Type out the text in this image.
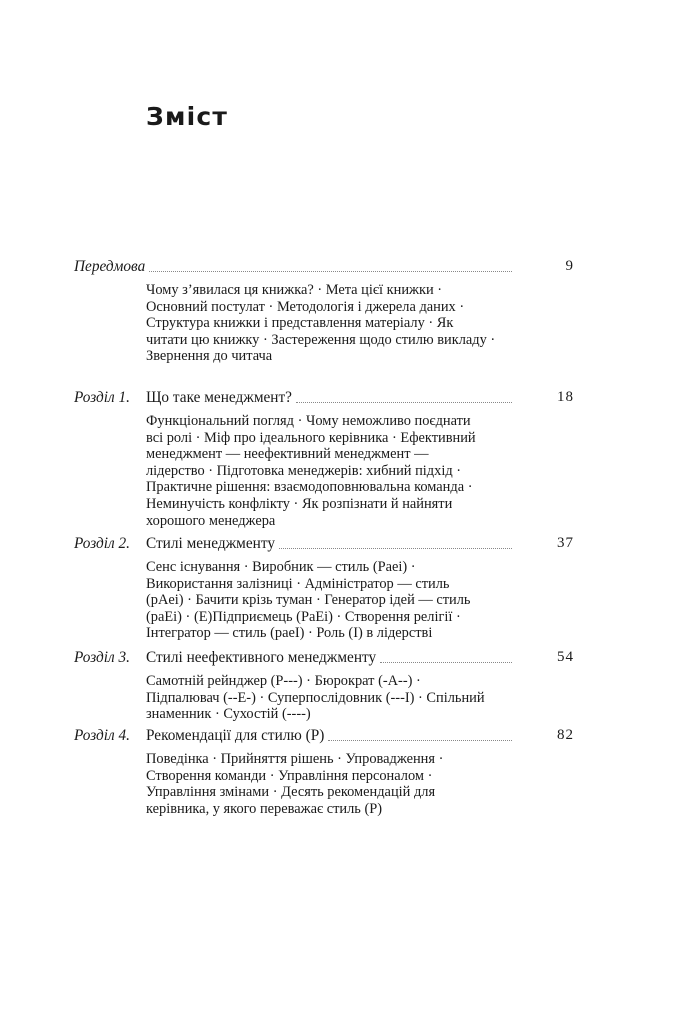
Зміст
Передмова	9

Чому з’явилася ця книжка? · Мета цієї книжки ·

Основний постулат · Методологія і джерела даних ·

Структура книжки і представлення матеріалу · Як

читати цю книжку · Застереження щодо стилю викладу ·

Звернення до читача

Розділ 1. Що таке менеджмент?	18

Функціональний погляд · Чому неможливо поєднати

всі ролі · Міф про ідеального керівника · Ефективний

менеджмент — неефективний менеджмент —

лідерство · Підготовка менеджерів: хибний підхід ·

Практичне рішення: взаємодоповнювальна команда ·

Неминучість конфлікту · Як розпізнати й найняти

хорошого менеджера

Розділ 2. Стилі менеджменту	37

Сенс існування · Виробник — стиль (Paei) ·

Використання залізниці · Адміністратор — стиль

(pAei) · Бачити крізь туман · Генератор ідей — стиль

(paEi) · (E)Підприємець (PaEi) · Створення релігії ·

Інтегратор — стиль (paeI) · Роль (I) в лідерстві

Розділ 3. Стилі неефективного менеджменту	54

Самотній рейнджер (P---) · Бюрократ (-A--) ·

Підпалювач (--E-) · Суперпослідовник (---I) · Спільний

знаменник · Сухостій (----)

Розділ 4. Рекомендації для стилю (P)	82

Поведінка · Прийняття рішень · Упровадження ·

Створення команди · Управління персоналом ·

Управління змінами · Десять рекомендацій для

керівника, у якого переважає стиль (P)
